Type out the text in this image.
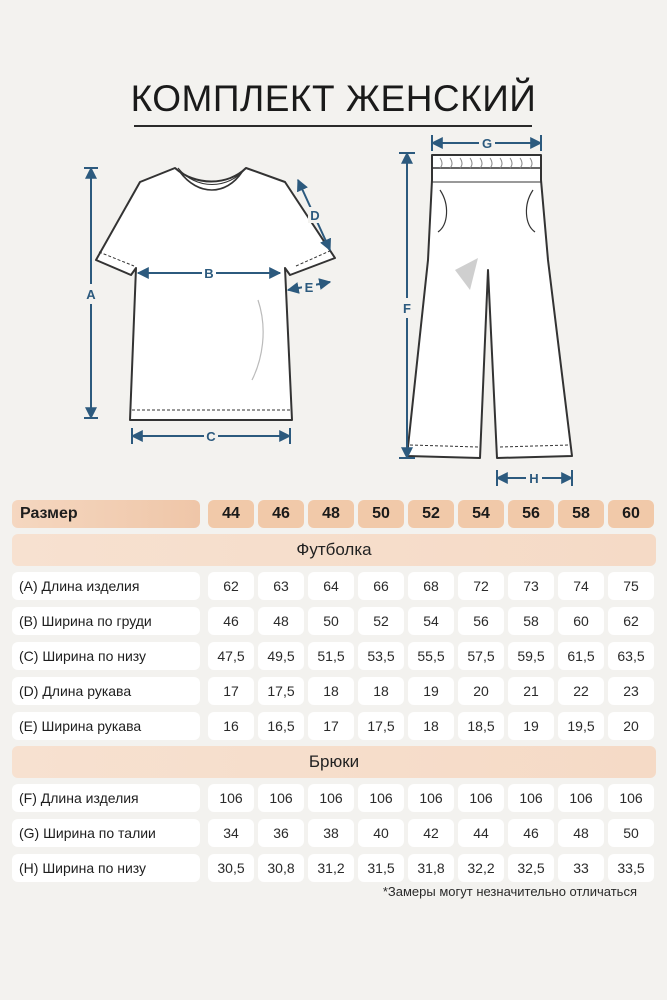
КОМПЛЕКТ ЖЕНСКИЙ
A
B
C
D
E
F
G
H
Размер	44	46	48	50	52	54	56	58	60
Футболка
(A) Длина изделия	62	63	64	66	68	72	73	74	75
(B) Ширина по груди	46	48	50	52	54	56	58	60	62
(C) Ширина по низу	47,5	49,5	51,5	53,5	55,5	57,5	59,5	61,5	63,5
(D) Длина рукава	17	17,5	18	18	19	20	21	22	23
(E) Ширина рукава	16	16,5	17	17,5	18	18,5	19	19,5	20
Брюки
(F) Длина изделия	106	106	106	106	106	106	106	106	106
(G) Ширина по талии	34	36	38	40	42	44	46	48	50
(H) Ширина по низу	30,5	30,8	31,2	31,5	31,8	32,2	32,5	33	33,5
*Замеры могут незначительно отличаться
